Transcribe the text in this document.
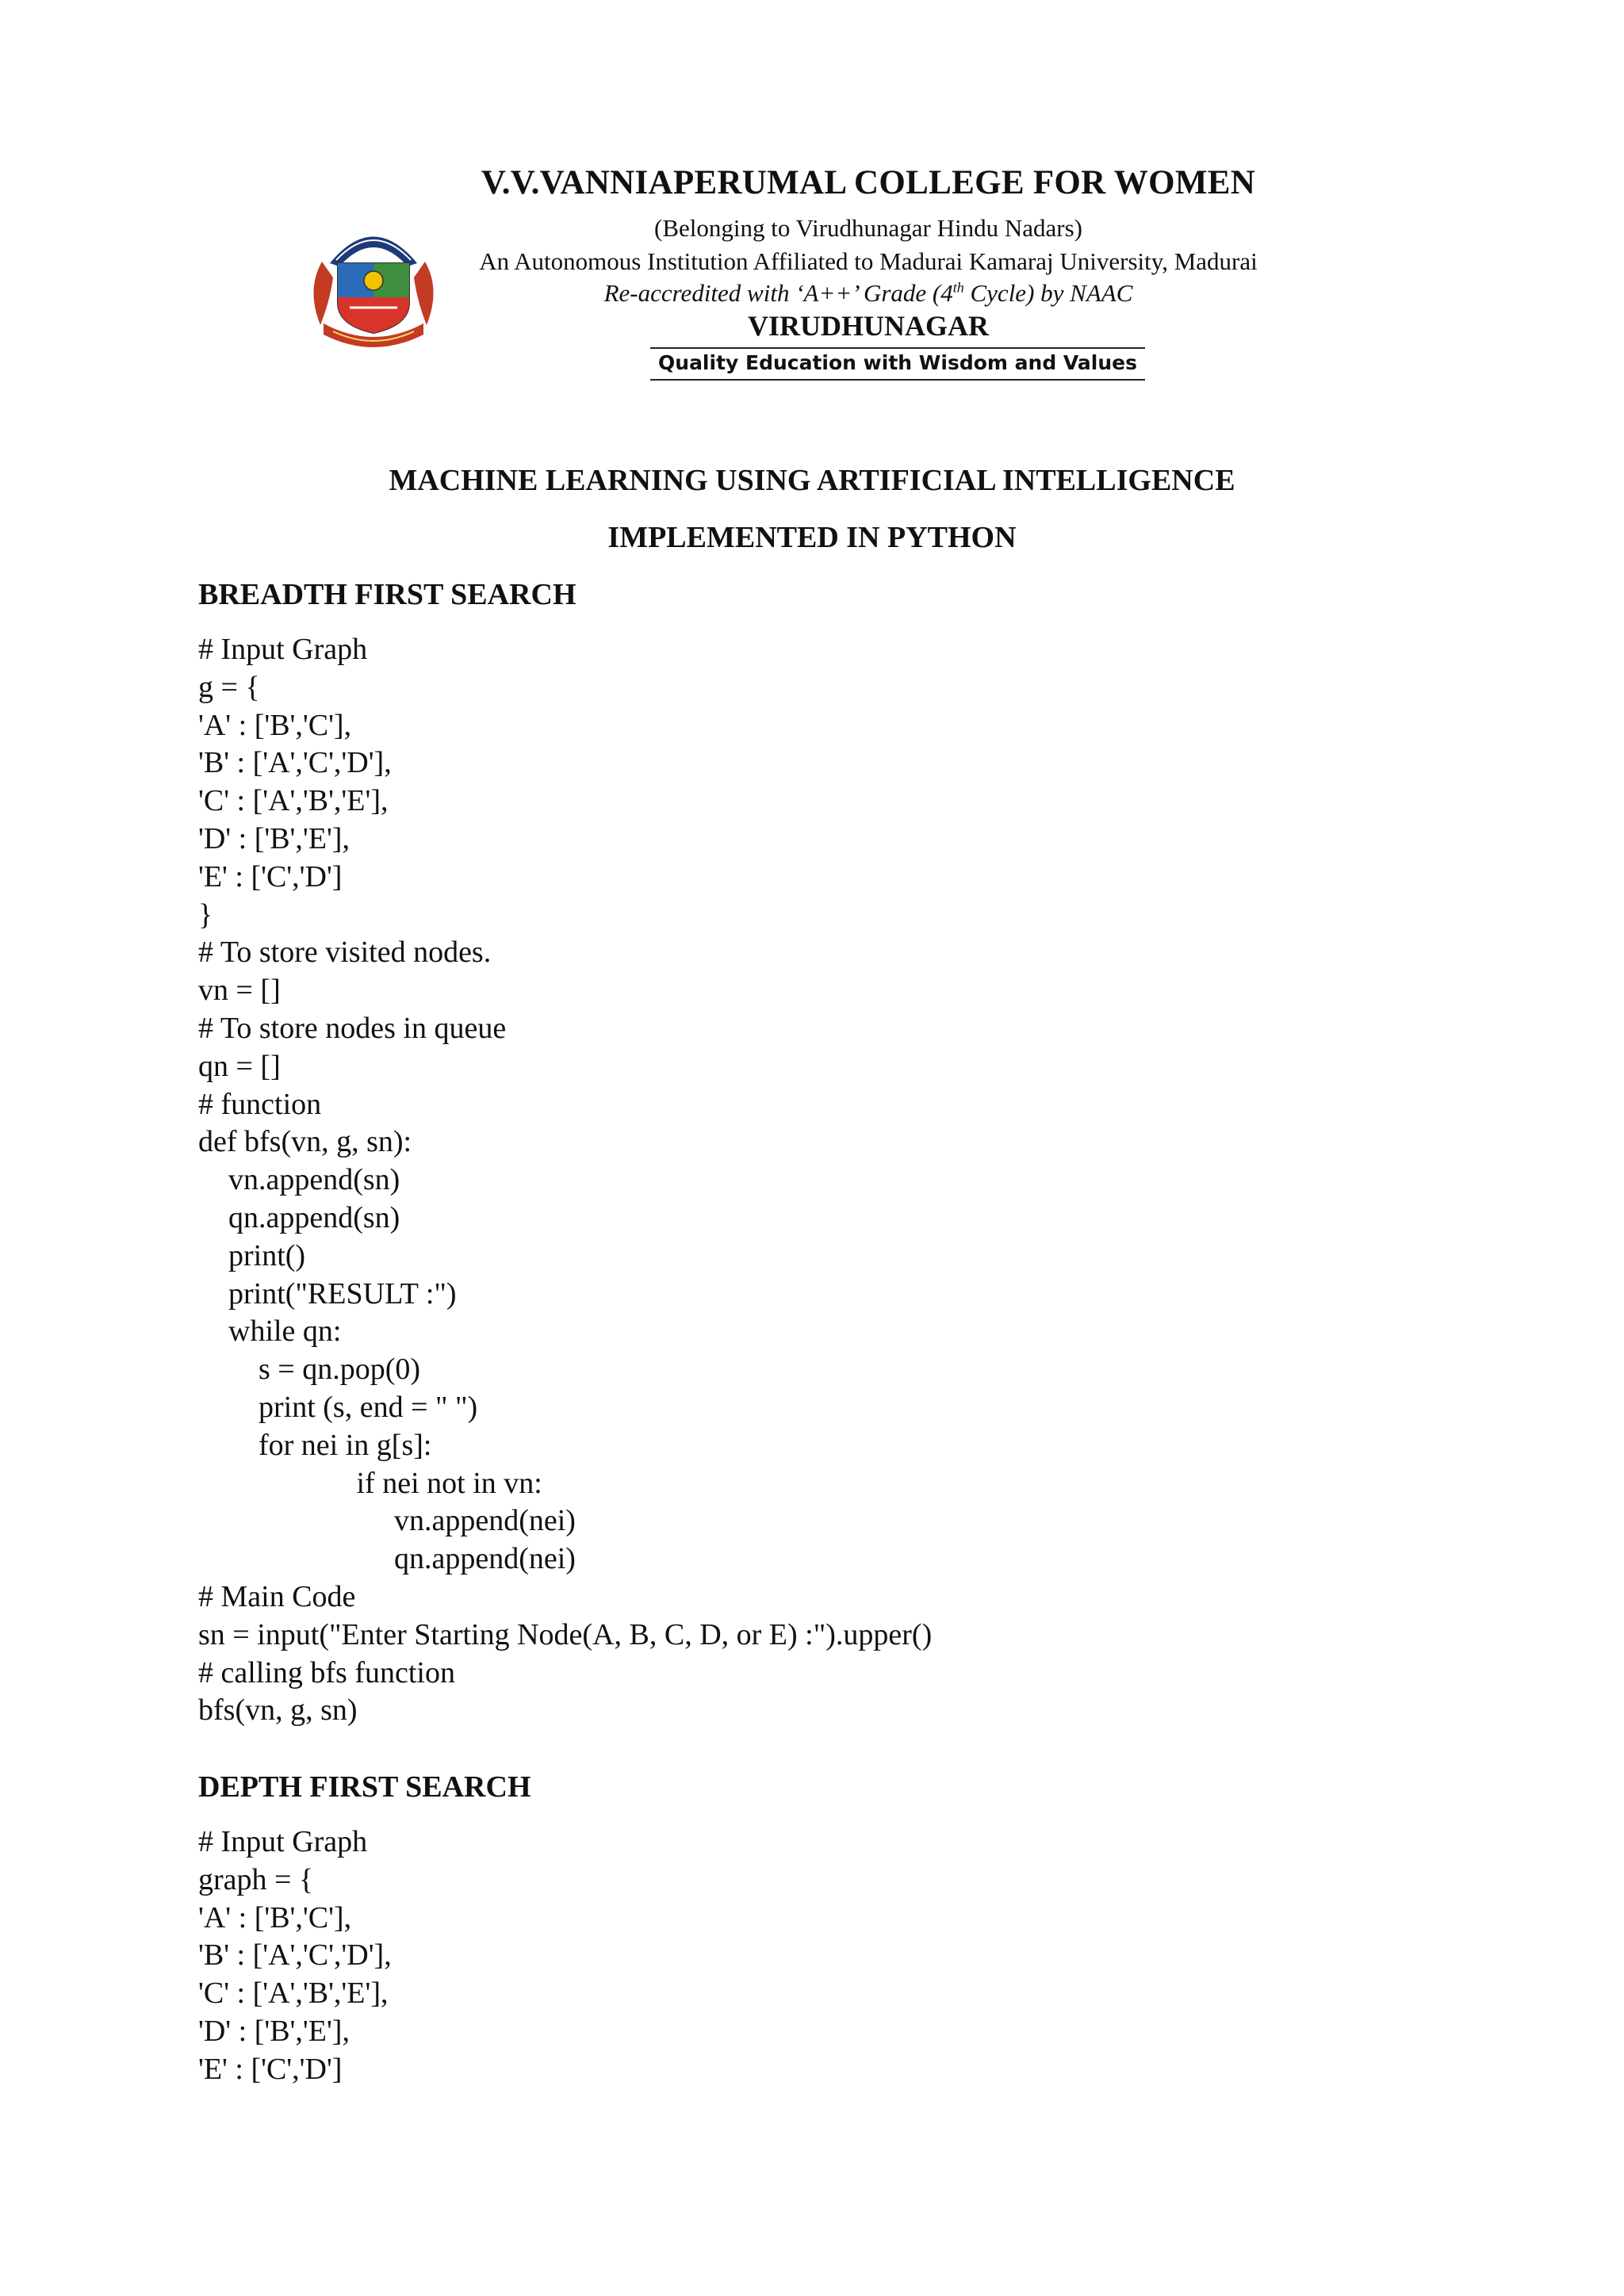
V.V.VANNIAPERUMAL COLLEGE FOR WOMEN
(Belonging to Virudhunagar Hindu Nadars)
An Autonomous Institution Affiliated to Madurai Kamaraj University, Madurai
Re-accredited with ‘A++’ Grade (4th Cycle) by NAAC
VIRUDHUNAGAR
Quality Education with Wisdom and Values
MACHINE LEARNING USING ARTIFICIAL INTELLIGENCE
IMPLEMENTED IN PYTHON
BREADTH FIRST SEARCH
# Input Graph
g = {
'A' : ['B','C'],
'B' : ['A','C','D'],
'C' : ['A','B','E'],
'D' : ['B','E'],
'E' : ['C','D']
}
# To store visited nodes.
vn = []
# To store nodes in queue
qn = []
# function
def bfs(vn, g, sn):
vn.append(sn)
qn.append(sn)
print()
print("RESULT :")
while qn:
s = qn.pop(0)
print (s, end = " ")
for nei in g[s]:
if nei not in vn:
vn.append(nei)
qn.append(nei)
# Main Code
sn = input("Enter Starting Node(A, B, C, D, or E) :").upper()
# calling bfs function
bfs(vn, g, sn)
DEPTH FIRST SEARCH
# Input Graph
graph = {
'A' : ['B','C'],
'B' : ['A','C','D'],
'C' : ['A','B','E'],
'D' : ['B','E'],
'E' : ['C','D']
